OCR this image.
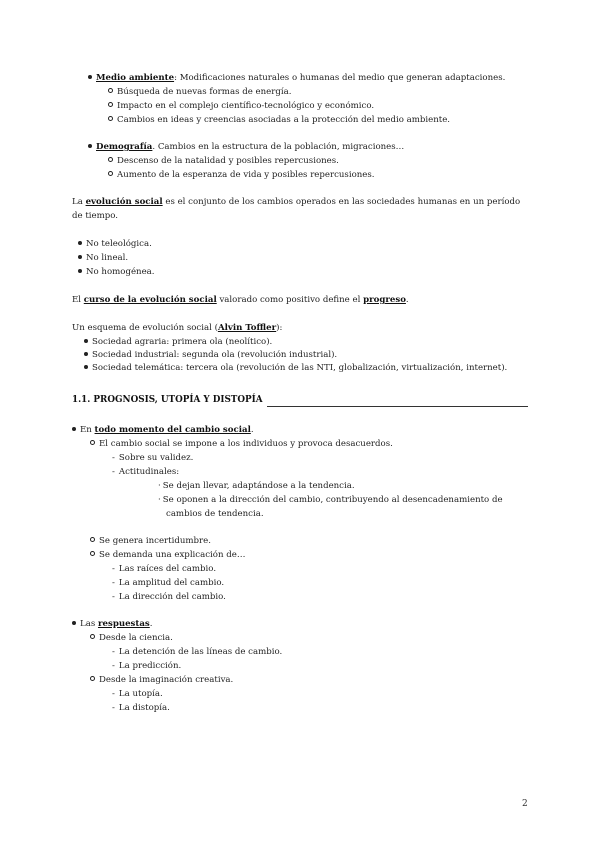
Medio ambiente: Modificaciones naturales o humanas del medio que generan adaptaciones.
Búsqueda de nuevas formas de energía.
Impacto en el complejo científico-tecnológico y económico.
Cambios en ideas y creencias asociadas a la protección del medio ambiente.
Demografía. Cambios en la estructura de la población, migraciones…
Descenso de la natalidad y posibles repercusiones.
Aumento de la esperanza de vida y posibles repercusiones.
La evolución social es el conjunto de los cambios operados en las sociedades humanas en un período
de tiempo.
No teleológica.
No lineal.
No homogénea.
El curso de la evolución social valorado como positivo define el progreso.
Un esquema de evolución social (Alvin Toffler):
Sociedad agraria: primera ola (neolítico).
Sociedad industrial: segunda ola (revolución industrial).
Sociedad telemática: tercera ola (revolución de las NTI, globalización, virtualización, internet).
1.1. PROGNOSIS, UTOPÍA Y DISTOPÍA
En todo momento del cambio social.
El cambio social se impone a los individuos y provoca desacuerdos.
- Sobre su validez.
- Actitudinales:
· Se dejan llevar, adaptándose a la tendencia.
· Se oponen a la dirección del cambio, contribuyendo al desencadenamiento de
cambios de tendencia.
Se genera incertidumbre.
Se demanda una explicación de…
- Las raíces del cambio.
- La amplitud del cambio.
- La dirección del cambio.
Las respuestas.
Desde la ciencia.
- La detención de las líneas de cambio.
- La predicción.
Desde la imaginación creativa.
- La utopía.
- La distopía.
2
